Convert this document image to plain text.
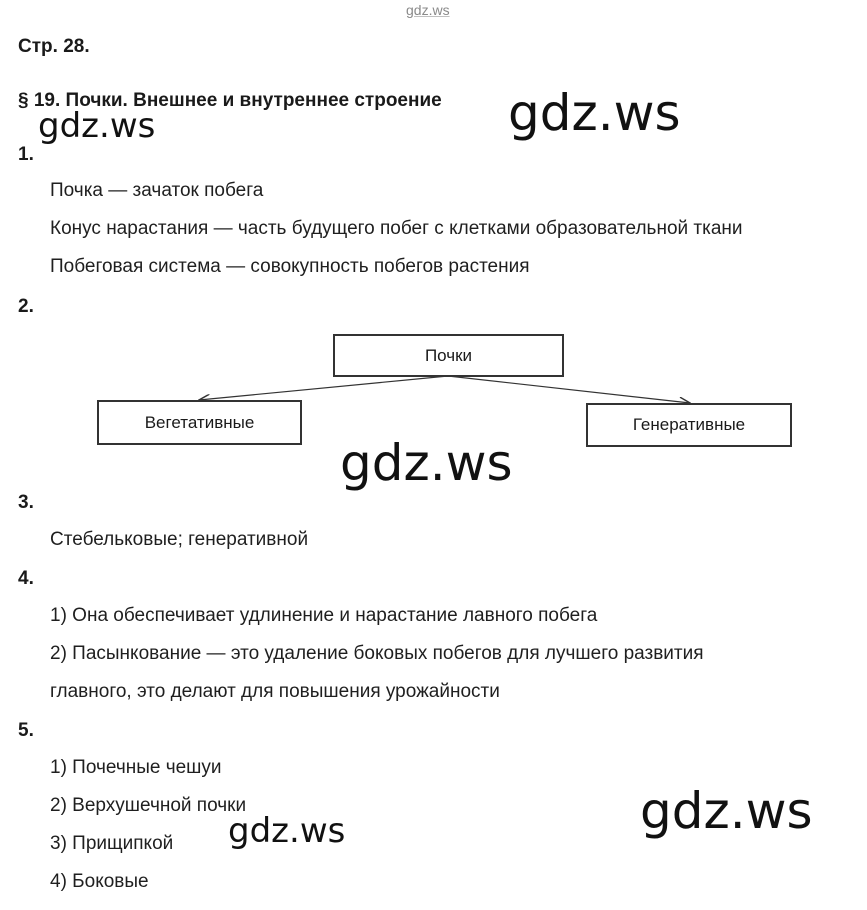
gdz.ws
Стр. 28.
§ 19. Почки. Внешнее и внутреннее строение
1.
Почка — зачаток побега
Конус нарастания — часть будущего побег с клетками образовательной ткани
Побеговая система — совокупность побегов растения
2.
Почки
Вегетативные	Генеративные
3.
Стебельковые; генеративной
4.
1) Она обеспечивает удлинение и нарастание лавного побега
2) Пасынкование — это удаление боковых побегов для лучшего развития
главного, это делают для повышения урожайности
5.
1) Почечные чешуи
2) Верхушечной почки
3) Прищипкой
4) Боковые
gdz.ws	gdz.ws
gdz.ws
gdz.ws
gdz.ws
